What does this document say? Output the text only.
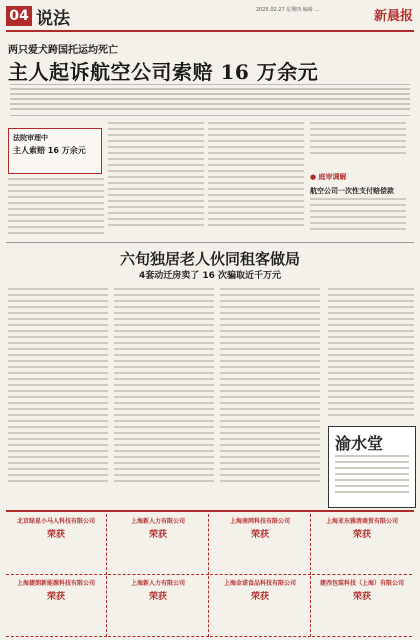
04 说法	2025.02.27 星期四 编辑 …	新晨报
两只爱犬跨国托运均死亡
主人起诉航空公司索赔 16 万余元
法院审理中
主人索赔 16 万余元
● 庭审调解
航空公司一次性支付赔偿款
六旬独居老人伙同租客做局
4套动迁房卖了 16 次骗取近千万元
渝水堂
北京绿星小马人科技有限公司
荣获
上海新人力有限公司
荣获
上海南网科技有限公司
荣获
上海亚东雅清商贸有限公司
荣获
上海捷朗新能源科技有限公司
荣获
上海新人力有限公司
荣获
上海金诺食品科技有限公司
荣获
建西包装科技（上海）有限公司
荣获
